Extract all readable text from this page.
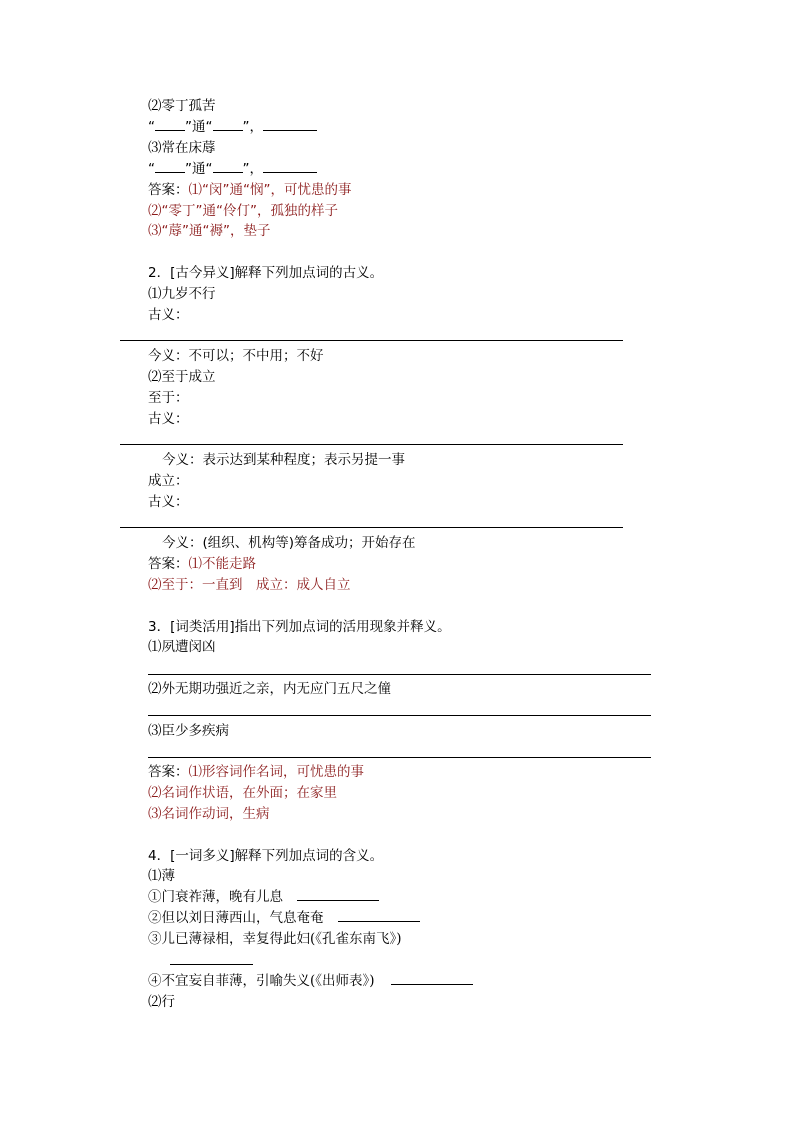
⑵零丁孤苦
“ ”通“ ”，
⑶常在床蓐
“ ”通“ ”，
答案：⑴“闵”通“悯”，可忧患的事
⑵“零丁”通“伶仃”，孤独的样子
⑶“蓐”通“褥”，垫子
2．[古今异义]解释下列加点词的古义。
⑴九岁不行
古义：
今义：不可以；不中用；不好
⑵至于成立
至于：
古义：
今义：表示达到某种程度；表示另提一事
成立：
古义：
今义：(组织、机构等)筹备成功；开始存在
答案：⑴不能走路
⑵至于：一直到　成立：成人自立
3．[词类活用]指出下列加点词的活用现象并释义。
⑴夙遭闵凶
⑵外无期功强近之亲，内无应门五尺之僮
⑶臣少多疾病
答案：⑴形容词作名词，可忧患的事
⑵名词作状语，在外面；在家里
⑶名词作动词，生病
4．[一词多义]解释下列加点词的含义。
⑴薄
①门衰祚薄，晚有儿息
②但以刘日薄西山，气息奄奄
③儿已薄禄相，幸复得此妇(《孔雀东南飞》)
④不宜妄自菲薄，引喻失义(《出师表》)
⑵行
